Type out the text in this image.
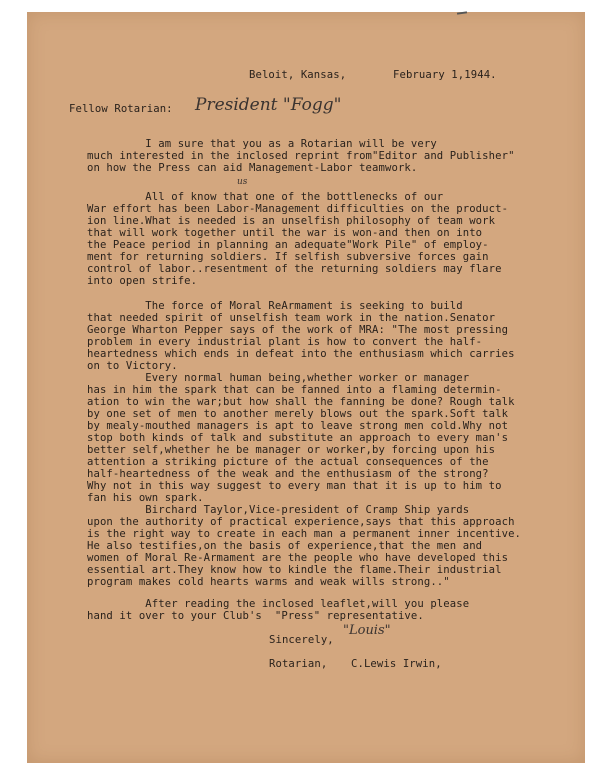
Beloit, Kansas,	February 1,1944.
Fellow Rotarian: President "Fogg"
I am sure that you as a Rotarian will be very
much interested in the inclosed reprint from"Editor and Publisher"
on how the Press can aid Management-Labor teamwork.
us
All of know that one of the bottlenecks of our
War effort has been Labor-Management difficulties on the product-
ion line.What is needed is an unselfish philosophy of team work
that will work together until the war is won-and then on into
the Peace period in planning an adequate"Work Pile" of employ-
ment for returning soldiers. If selfish subversive forces gain
control of labor..resentment of the returning soldiers may flare
into open strife.
The force of Moral ReArmament is seeking to build
that needed spirit of unselfish team work in the nation.Senator
George Wharton Pepper says of the work of MRA: "The most pressing
problem in every industrial plant is how to convert the half-
heartedness which ends in defeat into the enthusiasm which carries
on to Victory.
Every normal human being,whether worker or manager
has in him the spark that can be fanned into a flaming determin-
ation to win the war;but how shall the fanning be done? Rough talk
by one set of men to another merely blows out the spark.Soft talk
by mealy-mouthed managers is apt to leave strong men cold.Why not
stop both kinds of talk and substitute an approach to every man's
better self,whether he be manager or worker,by forcing upon his
attention a striking picture of the actual consequences of the
half-heartedness of the weak and the enthusiasm of the strong?
Why not in this way suggest to every man that it is up to him to
fan his own spark.
Birchard Taylor,Vice-president of Cramp Ship yards
upon the authority of practical experience,says that this approach
is the right way to create in each man a permanent inner incentive.
He also testifies,on the basis of experience,that the men and
women of Moral Re-Armament are the people who have developed this
essential art.They know how to kindle the flame.Their industrial
program makes cold hearts warms and weak wills strong.."
After reading the inclosed leaflet,will you please
hand it over to your Club's  "Press" representative.
Sincerely,
"Louis"
Rotarian, C.Lewis Irwin,
